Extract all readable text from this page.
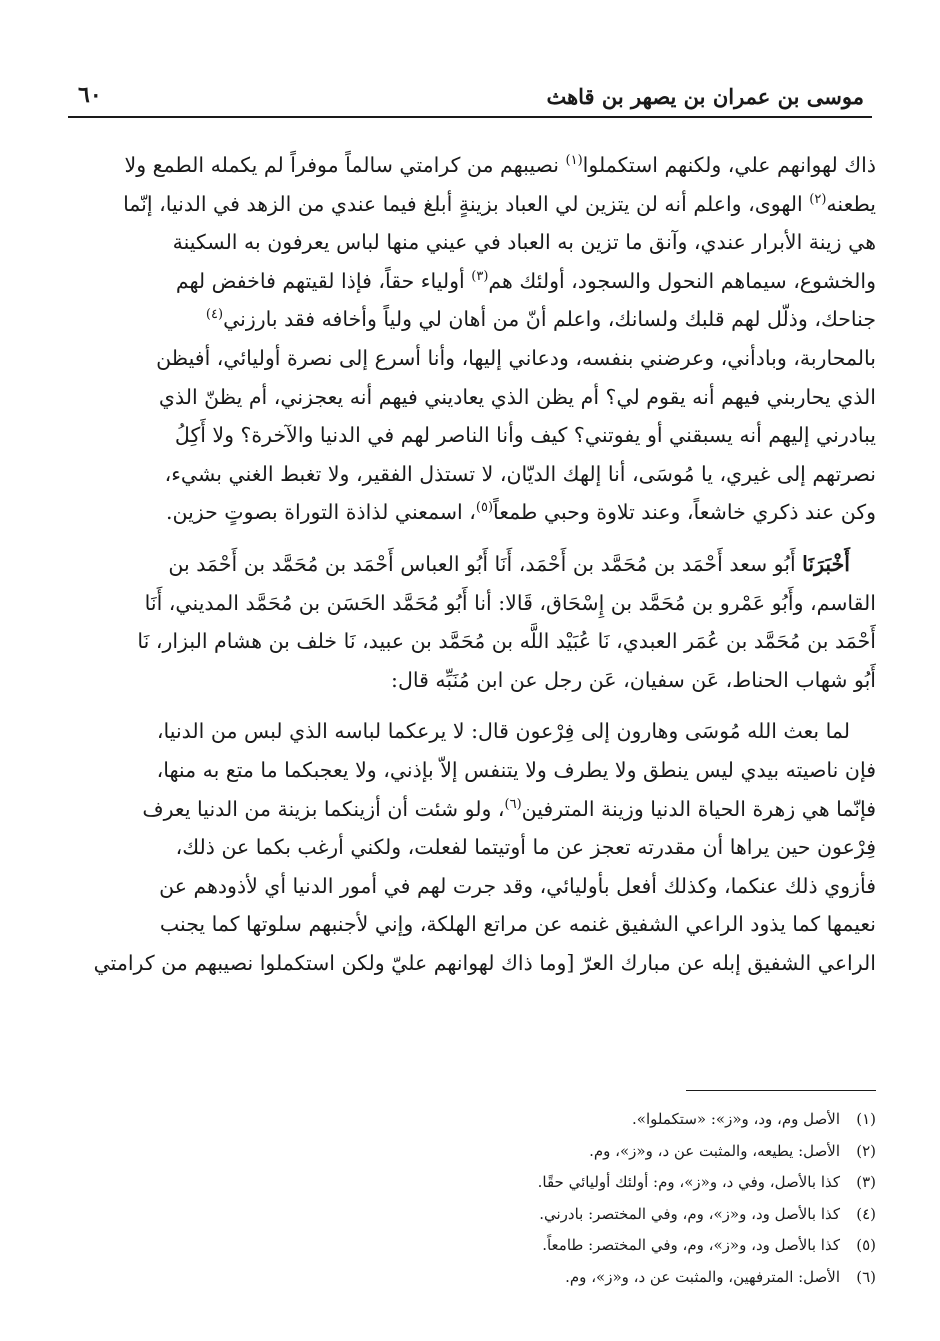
موسى بن عمران بن يصهر بن قاهث
٦٠
ذاك لهوانهم علي، ولكنهم استكملوا$^{(١)}$ نصيبهم من كرامتي سالماً موفراً لم يكمله الطمع ولا
يطعنه$^{(٢)}$ الهوى، واعلم أنه لن يتزين لي العباد بزينةٍ أبلغ فيما عندي من الزهد في الدنيا، إنّما
هي زينة الأبرار عندي، وآنق ما تزين به العباد في عيني منها لباس يعرفون به السكينة
والخشوع، سيماهم النحول والسجود، أولئك هم$^{(٣)}$ أولياء حقاً، فإذا لقيتهم فاخفض لهم
جناحك، وذلّل لهم قلبك ولسانك، واعلم أنّ من أهان لي ولياً وأخافه فقد بارزني$^{(٤)}$
بالمحاربة، وبادأني، وعرضني بنفسه، ودعاني إليها، وأنا أسرع إلى نصرة أوليائي، أفيظن
الذي يحاربني فيهم أنه يقوم لي؟ أم يظن الذي يعاديني فيهم أنه يعجزني، أم يظنّ الذي
يبادرني إليهم أنه يسبقني أو يفوتني؟ كيف وأنا الناصر لهم في الدنيا والآخرة؟ ولا أَكِلُ
نصرتهم إلى غيري، يا مُوسَى، أنا إلهك الديّان، لا تستذل الفقير، ولا تغبط الغني بشيء،
وكن عند ذكري خاشعاً، وعند تلاوة وحبي طمعاً$^{(٥)}$، اسمعني لذاذة التوراة بصوتٍ حزين.
أَخْبَرَنَا أَبُو سعد أَحْمَد بن مُحَمَّد بن أَحْمَد، أَنَا أَبُو العباس أَحْمَد بن مُحَمَّد بن أَحْمَد بن
القاسم، وأَبُو عَمْرو بن مُحَمَّد بن إِسْحَاق، قَالا: أنا أَبُو مُحَمَّد الحَسَن بن مُحَمَّد المديني، أَنَا
أَحْمَد بن مُحَمَّد بن عُمَر العبدي، نَا عُبَيْد اللَّه بن مُحَمَّد بن عبيد، نَا خلف بن هشام البزار، نَا
أَبُو شهاب الحناط، عَن سفيان، عَن رجل عن ابن مُنَبِّه قال:
لما بعث الله مُوسَى وهارون إلى فِرْعون قال: لا يرعكما لباسه الذي لبس من الدنيا،
فإن ناصيته بيدي ليس ينطق ولا يطرف ولا يتنفس إلاّ بإذني، ولا يعجبكما ما متع به منها،
فإنّما هي زهرة الحياة الدنيا وزينة المترفين$^{(٦)}$، ولو شئت أن أزينكما بزينة من الدنيا يعرف
فِرْعون حين يراها أن مقدرته تعجز عن ما أوتيتما لفعلت، ولكني أرغب بكما عن ذلك،
فأزوي ذلك عنكما، وكذلك أفعل بأوليائي، وقد جرت لهم في أمور الدنيا أي لأذودهم عن
نعيمها كما يذود الراعي الشفيق غنمه عن مراتع الهلكة، وإني لأجنبهم سلوتها كما يجنب
الراعي الشفيق إبله عن مبارك العرّ [وما ذاك لهوانهم عليّ ولكن استكملوا نصيبهم من كرامتي
(١)الأصل وم، ود، و«ز»: «ستكملوا».
(٢)الأصل: يطيعه، والمثبت عن د، و«ز»، وم.
(٣)كذا بالأصل، وفي د، و«ز»، وم: أولئك أوليائي حقًا.
(٤)كذا بالأصل ود، و«ز»، وم، وفي المختصر: بادرني.
(٥)كذا بالأصل ود، و«ز»، وم، وفي المختصر: طامعاً.
(٦)الأصل: المترفهين، والمثبت عن د، و«ز»، وم.
